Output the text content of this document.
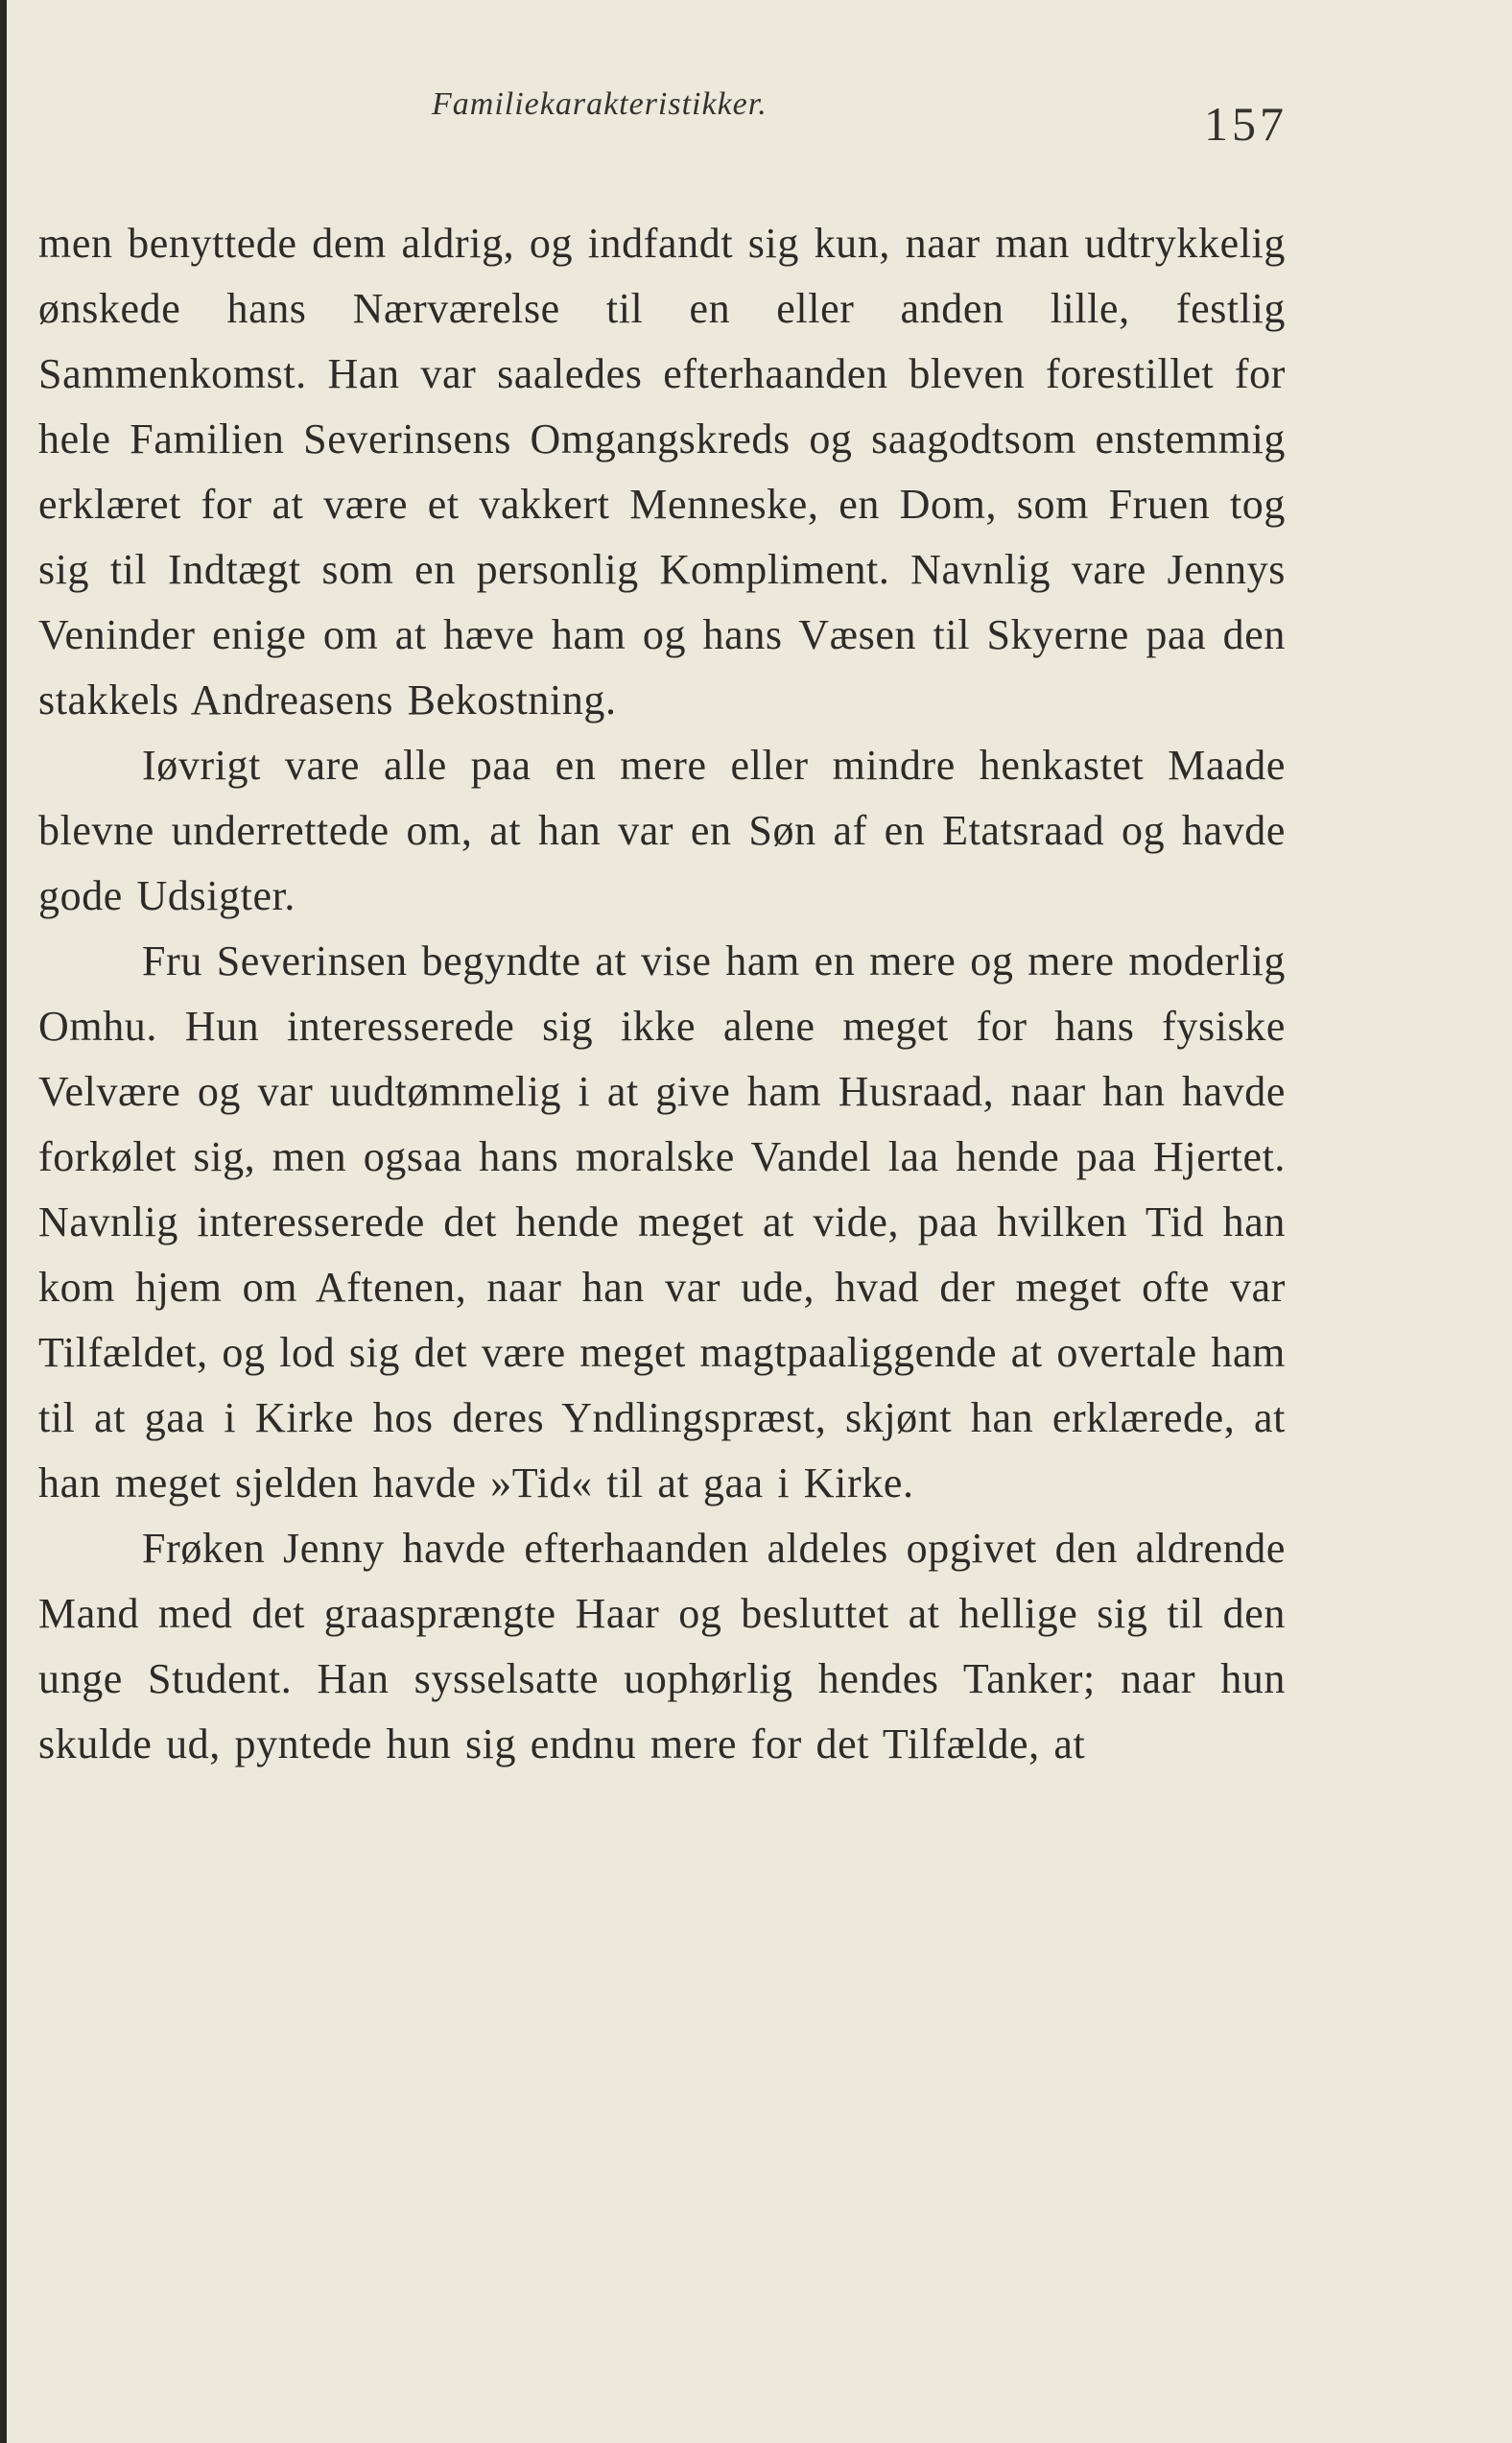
Familiekarakteristikker.	157

men benyttede dem aldrig, og indfandt sig kun, naar man udtrykkelig ønskede hans Nærværelse til en eller anden lille, festlig Sammenkomst. Han var saaledes efterhaanden bleven forestillet for hele Familien Severinsens Omgangskreds og saagodtsom enstemmig erklæret for at være et vakkert Menneske, en Dom, som Fruen tog sig til Indtægt som en personlig Kompliment. Navnlig vare Jennys Veninder enige om at hæve ham og hans Væsen til Skyerne paa den stakkels Andreasens Bekostning.

Iøvrigt vare alle paa en mere eller mindre henkastet Maade blevne underrettede om, at han var en Søn af en Etatsraad og havde gode Udsigter.

Fru Severinsen begyndte at vise ham en mere og mere moderlig Omhu. Hun interesserede sig ikke alene meget for hans fysiske Velvære og var uudtømmelig i at give ham Husraad, naar han havde forkølet sig, men ogsaa hans moralske Vandel laa hende paa Hjertet. Navnlig interesserede det hende meget at vide, paa hvilken Tid han kom hjem om Aftenen, naar han var ude, hvad der meget ofte var Tilfældet, og lod sig det være meget magtpaaliggende at overtale ham til at gaa i Kirke hos deres Yndlingspræst, skjønt han erklærede, at han meget sjelden havde »Tid« til at gaa i Kirke.

Frøken Jenny havde efterhaanden aldeles opgivet den aldrende Mand med det graasprængte Haar og besluttet at hellige sig til den unge Student. Han sysselsatte uophørlig hendes Tanker; naar hun skulde ud, pyntede hun sig endnu mere for det Tilfælde, at
